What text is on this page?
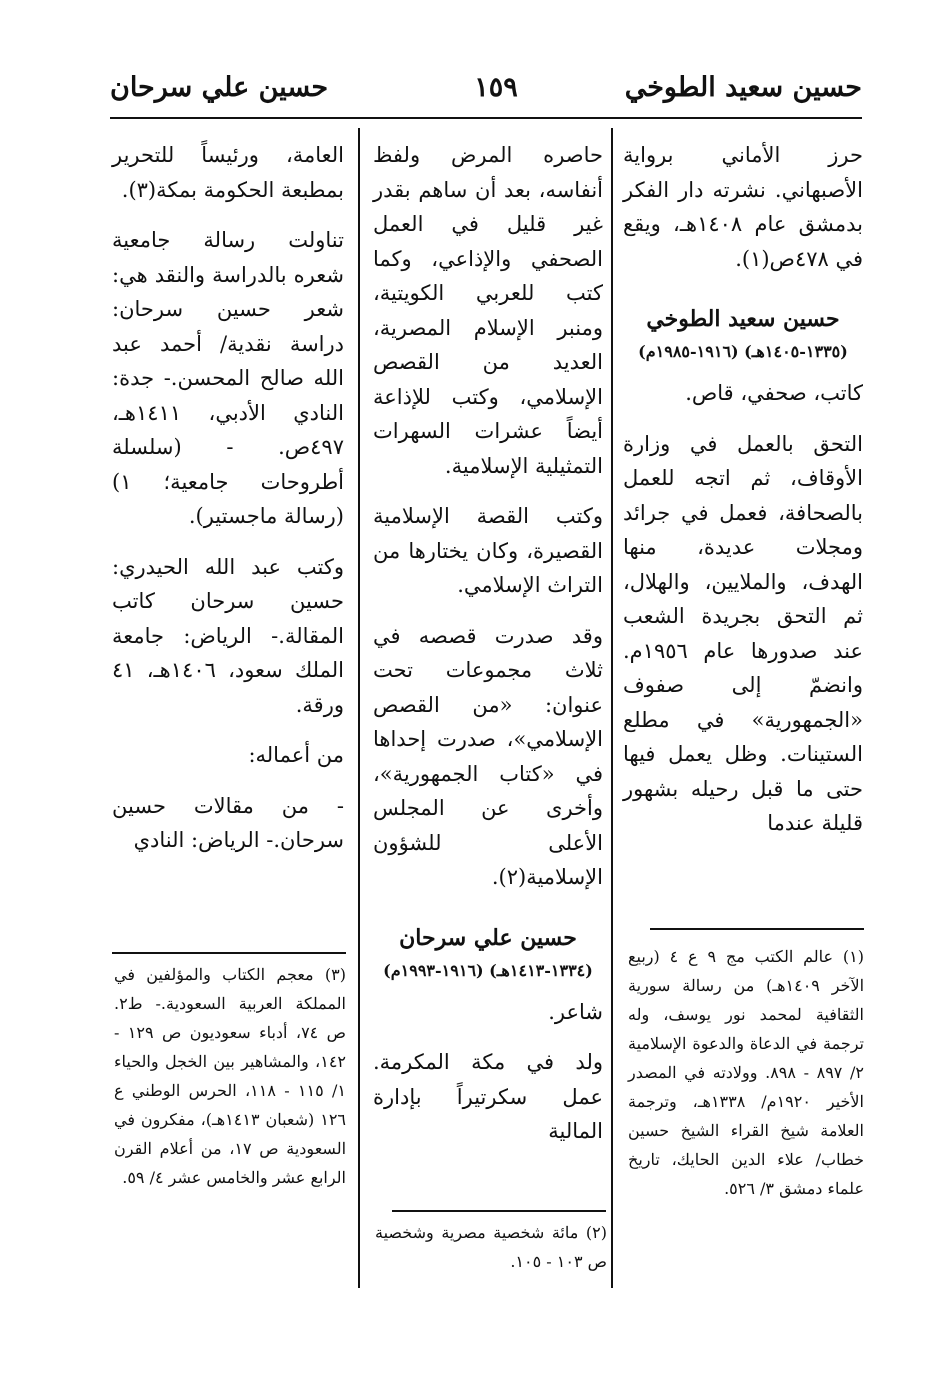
حسين سعيد الطوخي
١٥٩
حسين علي سرحان

حرز الأماني برواية الأصبهاني. نشرته دار الفكر بدمشق عام ١٤٠٨هـ، ويقع في ٤٧٨ص(١).

حسين سعيد الطوخي
(١٣٣٥-١٤٠٥هـ) (١٩١٦-١٩٨٥م)

كاتب، صحفي، قاص.

التحق بالعمل في وزارة الأوقاف، ثم اتجه للعمل بالصحافة، فعمل في جرائد ومجلات عديدة، منها الهدف، والملايين، والهلال، ثم التحق بجريدة الشعب عند صدورها عام ١٩٥٦م. وانضمّ إلى صفوف «الجمهورية» في مطلع الستينات. وظل يعمل فيها حتى ما قبل رحيله بشهور قليلة عندما

حاصره المرض ولفظ أنفاسه، بعد أن ساهم بقدر غير قليل في العمل الصحفي والإذاعي، وكما كتب للعربي الكويتية، ومنبر الإسلام المصرية، العديد من القصص الإسلامي، وكتب للإذاعة أيضاً عشرات السهرات التمثيلية الإسلامية.

وكتب القصة الإسلامية القصيرة، وكان يختارها من التراث الإسلامي.

وقد صدرت قصصه في ثلاث مجموعات تحت عنوان: «من القصص الإسلامي»، صدرت إحداها في «كتاب الجمهورية»، وأخرى عن المجلس الأعلى للشؤون الإسلامية(٢).

حسين علي سرحان
(١٣٣٤-١٤١٣هـ) (١٩١٦-١٩٩٣م)

شاعر.

ولد في مكة المكرمة. عمل سكرتيراً بإدارة المالية

العامة، ورئيساً للتحرير بمطبعة الحكومة بمكة(٣).

تناولت رسالة جامعية شعره بالدراسة والنقد هي: شعر حسين سرحان: دراسة نقدية/ أحمد عبد الله صالح المحسن.- جدة: النادي الأدبي، ١٤١١هـ، ٤٩٧ص. - (سلسلة أطروحات جامعية؛ ١) (رسالة ماجستير).

وكتب عبد الله الحيدري: حسين سرحان كاتب المقالة.- الرياض: جامعة الملك سعود، ١٤٠٦هـ، ٤١ ورقة.

من أعماله:

- من مقالات حسين سرحان.- الرياض: النادي

(١) عالم الكتب مج ٩ ع ٤ (ربيع الآخر ١٤٠٩هـ) من رسالة سورية الثقافية لمحمد نور يوسف، وله ترجمة في الدعاة والدعوة الإسلامية ٢/ ٨٩٧ - ٨٩٨. وولادته في المصدر الأخير ١٩٢٠م/ ١٣٣٨هـ، وترجمة العلامة شيخ القراء الشيخ حسين خطاب/ علاء الدين الحايك، تاريخ علماء دمشق ٣/ ٥٢٦.
(٢) مائة شخصية مصرية وشخصية ص ١٠٣ - ١٠٥.
(٣) معجم الكتاب والمؤلفين في المملكة العربية السعودية.- ط٢. ص ٧٤، أدباء سعوديون ص ١٢٩ - ١٤٢، والمشاهير بين الخجل والحياء ١/ ١١٥ - ١١٨، الحرس الوطني ع ١٢٦ (شعبان ١٤١٣هـ)، مفكرون في السعودية ص ١٧، من أعلام القرن الرابع عشر والخامس عشر ٤/ ٥٩.
